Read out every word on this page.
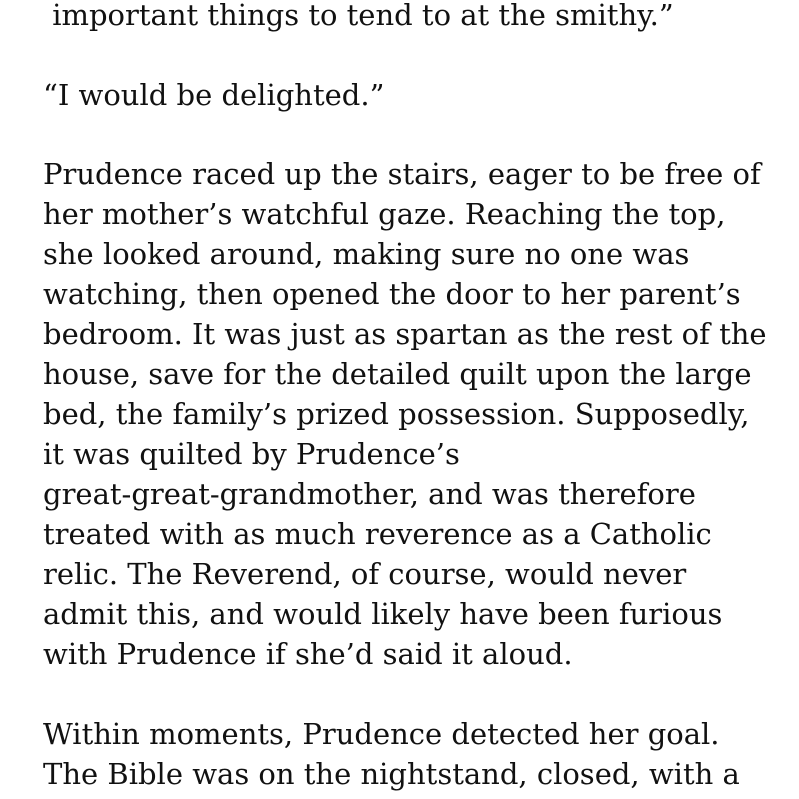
important things to tend to at the smithy.”
“I would be delighted.”
Prudence raced up the stairs, eager to be free of
her mother’s watchful gaze. Reaching the top,
she looked around, making sure no one was
watching, then opened the door to her parent’s
bedroom. It was just as spartan as the rest of the
house, save for the detailed quilt upon the large
bed, the family’s prized possession. Supposedly,
it was quilted by Prudence’s
great-great-grandmother, and was therefore
treated with as much reverence as a Catholic
relic. The Reverend, of course, would never
admit this, and would likely have been furious
with Prudence if she’d said it aloud.
Within moments, Prudence detected her goal.
The Bible was on the nightstand, closed, with a
